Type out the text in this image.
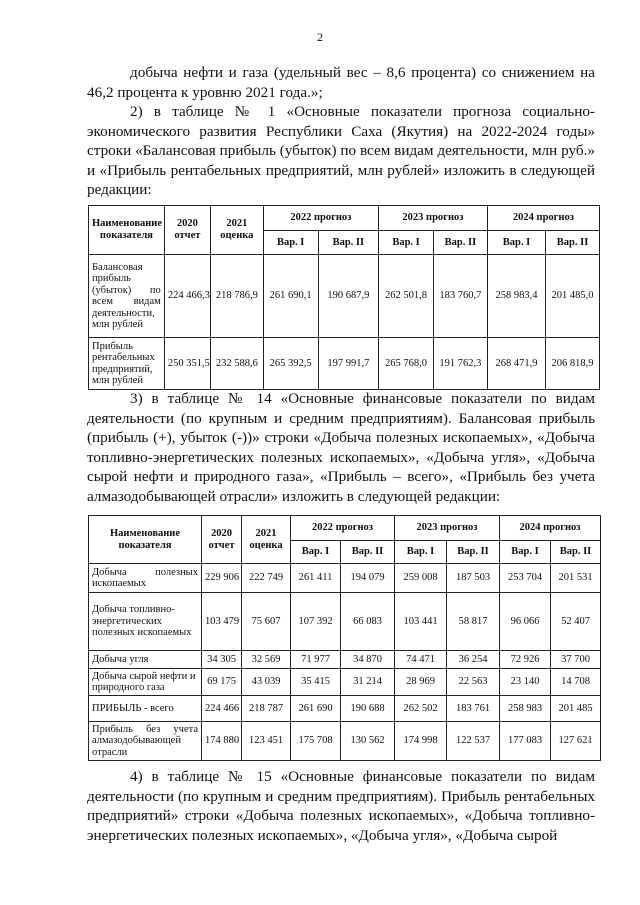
2

добыча нефти и газа (удельный вес – 8,6 процента) со снижением на 46,2 процента к уровню 2021 года.»;

2) в таблице № 1 «Основные показатели прогноза социально-экономического развития Республики Саха (Якутия) на 2022-2024 годы» строки «Балансовая прибыль (убыток) по всем видам деятельности, млн руб.» и «Прибыль рентабельных предприятий, млн рублей» изложить в следующей редакции:

Наименование показателя	2020 отчет	2021 оценка	2022 прогноз		2023 прогноз		2024 прогноз	
			Вар. I	Вар. II	Вар. I	Вар. II	Вар. I	Вар. II
Балансовая прибыль (убыток) по всем видам деятельности, млн рублей	224 466,3	218 786,9	261 690,1	190 687,9	262 501,8	183 760,7	258 983,4	201 485,0
Прибыль рентабельных предприятий, млн рублей	250 351,5	232 588,6	265 392,5	197 991,7	265 768,0	191 762,3	268 471,9	206 818,9

3) в таблице № 14 «Основные финансовые показатели по видам деятельности (по крупным и средним предприятиям). Балансовая прибыль (прибыль (+), убыток (-))» строки «Добыча полезных ископаемых», «Добыча топливно-энергетических полезных ископаемых», «Добыча угля», «Добыча сырой нефти и природного газа», «Прибыль – всего», «Прибыль без учета алмазодобывающей отрасли» изложить в следующей редакции:

Наименование показателя	2020 отчет	2021 оценка	2022 прогноз		2023 прогноз		2024 прогноз	
			Вар. I	Вар. II	Вар. I	Вар. II	Вар. I	Вар. II
Добыча полезных ископаемых	229 906	222 749	261 411	194 079	259 008	187 503	253 704	201 531
Добыча топливно-энергетических полезных ископаемых	103 479	75 607	107 392	66 083	103 441	58 817	96 066	52 407
Добыча угля	34 305	32 569	71 977	34 870	74 471	36 254	72 926	37 700
Добыча сырой нефти и природного газа	69 175	43 039	35 415	31 214	28 969	22 563	23 140	14 708
ПРИБЫЛЬ - всего	224 466	218 787	261 690	190 688	262 502	183 761	258 983	201 485
Прибыль без учета алмазодобывающей отрасли	174 880	123 451	175 708	130 562	174 998	122 537	177 083	127 621

4) в таблице № 15 «Основные финансовые показатели по видам деятельности (по крупным и средним предприятиям). Прибыль рентабельных предприятий» строки «Добыча полезных ископаемых», «Добыча топливно-энергетических полезных ископаемых», «Добыча угля», «Добыча сырой
